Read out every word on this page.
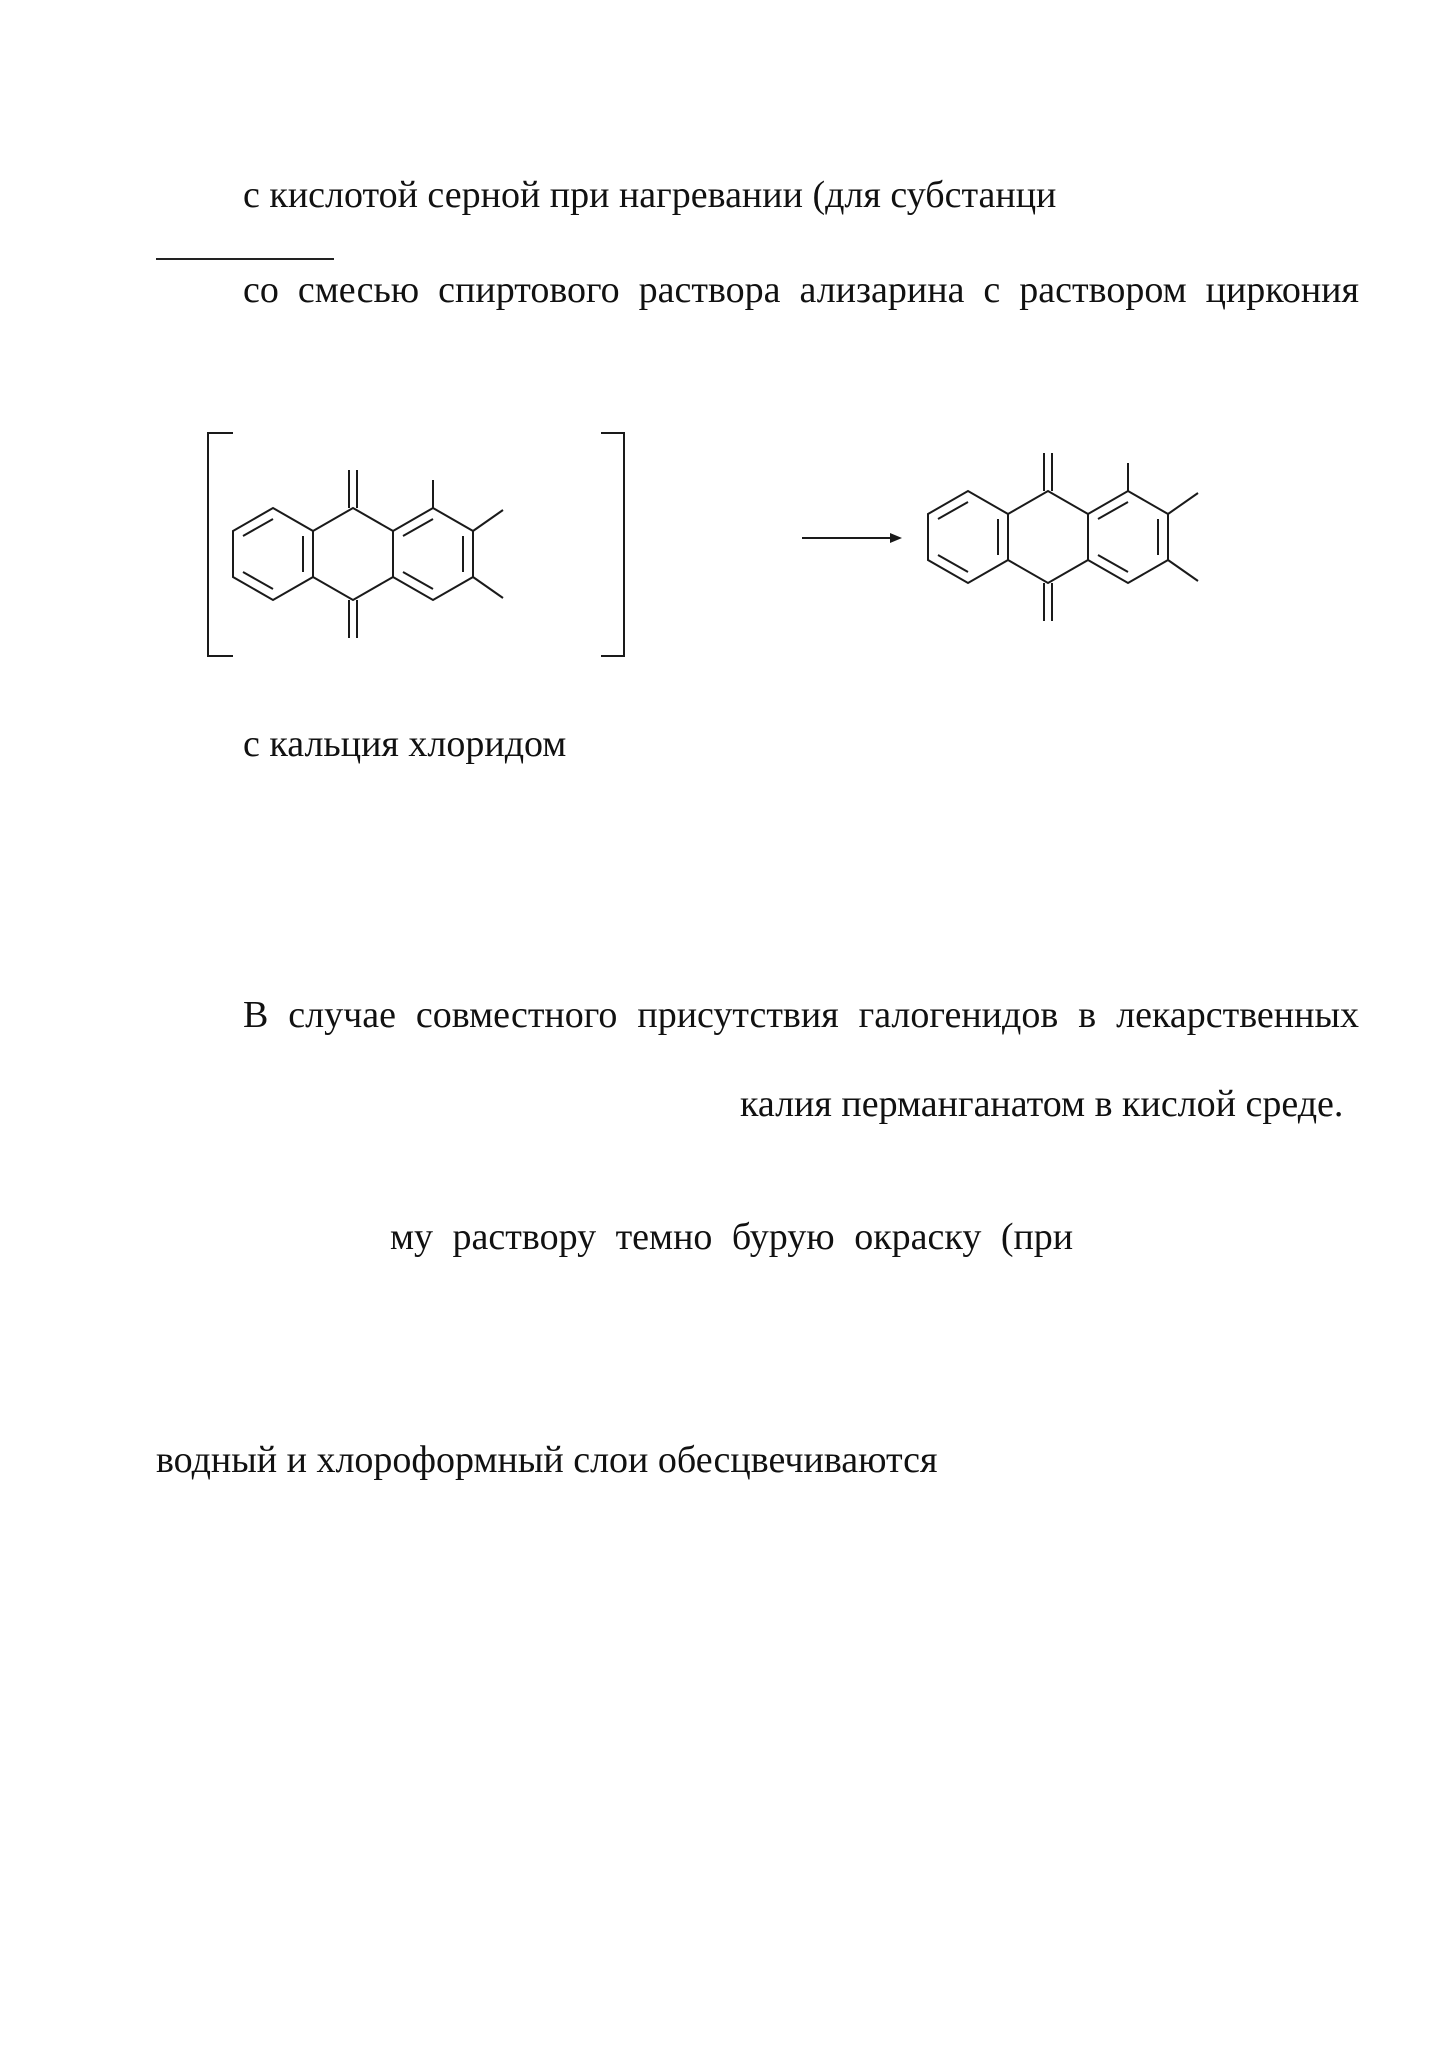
с кислотой серной при нагревании (для субстанци
со смесью спиртового раствора ализарина с раствором циркония
с кальция хлоридом
В случае совместного присутствия галогенидов в лекарственных
калия перманганатом в кислой среде.
му раствору темно бурую окраску (при
водный и хлороформный слои обесцвечиваются
